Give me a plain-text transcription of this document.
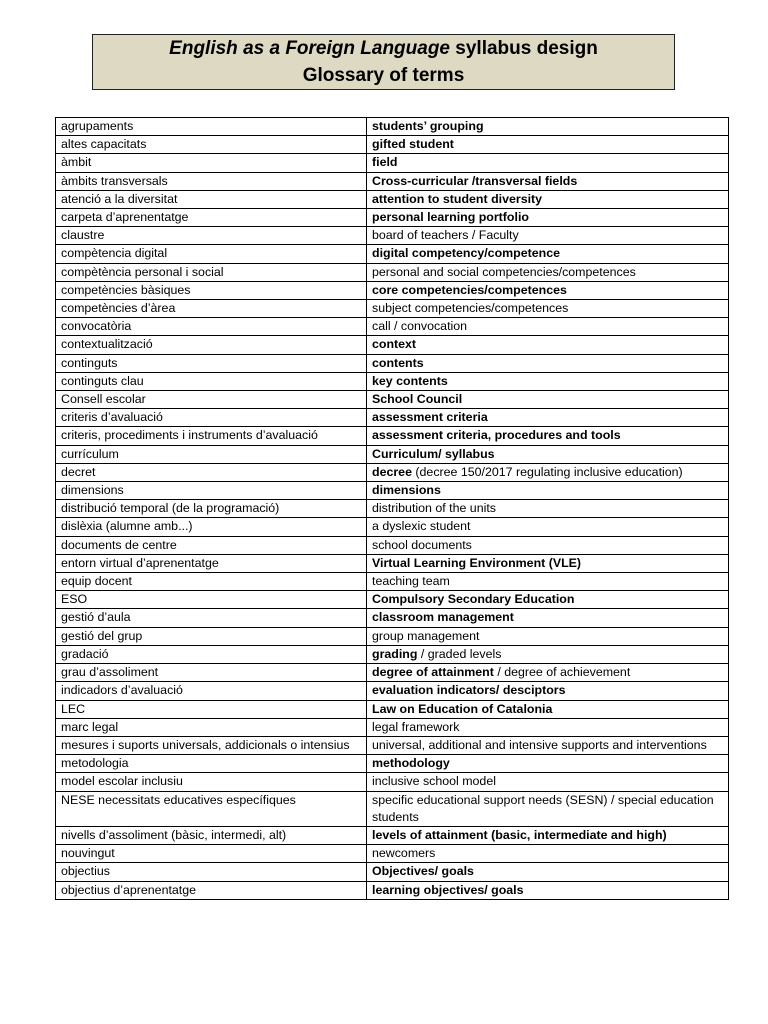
English as a Foreign Language syllabus design
Glossary of terms
agrupaments	students’ grouping
altes capacitats	gifted student
àmbit	field
àmbits transversals	Cross-curricular /transversal fields
atenció a la diversitat	attention to student diversity
carpeta d’aprenentatge	personal learning portfolio
claustre	board of teachers / Faculty
compètencia digital	digital competency/competence
compètència personal i social	personal and social competencies/competences
competències bàsiques	core competencies/competences
competències d’àrea	subject competencies/competences
convocatòria	call / convocation
contextualització	context
continguts	contents
continguts clau	key contents
Consell escolar	School Council
criteris d’avaluació	assessment criteria
criteris, procediments i instruments d’avaluació	assessment criteria, procedures and tools
currículum	Curriculum/ syllabus
decret	decree (decree 150/2017 regulating inclusive education)
dimensions	dimensions
distribució temporal (de la programació)	distribution of the units
dislèxia (alumne amb...)	a dyslexic student
documents de centre	school documents
entorn virtual d’aprenentatge	Virtual Learning Environment (VLE)
equip docent	teaching team
ESO	Compulsory Secondary Education
gestió d’aula	classroom management
gestió del grup	group management
gradació	grading / graded levels
grau d’assoliment	degree of attainment / degree of achievement
indicadors d’avaluació	evaluation indicators/ desciptors
LEC	Law on Education of Catalonia
marc legal	legal framework
mesures i suports universals, addicionals o intensius	universal, additional and intensive supports and interventions
metodologia	methodology
model escolar inclusiu	inclusive school model
NESE necessitats educatives específiques	specific educational support needs (SESN) / special education students
nivells d’assoliment (bàsic, intermedi, alt)	levels of attainment (basic, intermediate and high)
nouvingut	newcomers
objectius	Objectives/ goals
objectius d’aprenentatge	learning objectives/ goals
